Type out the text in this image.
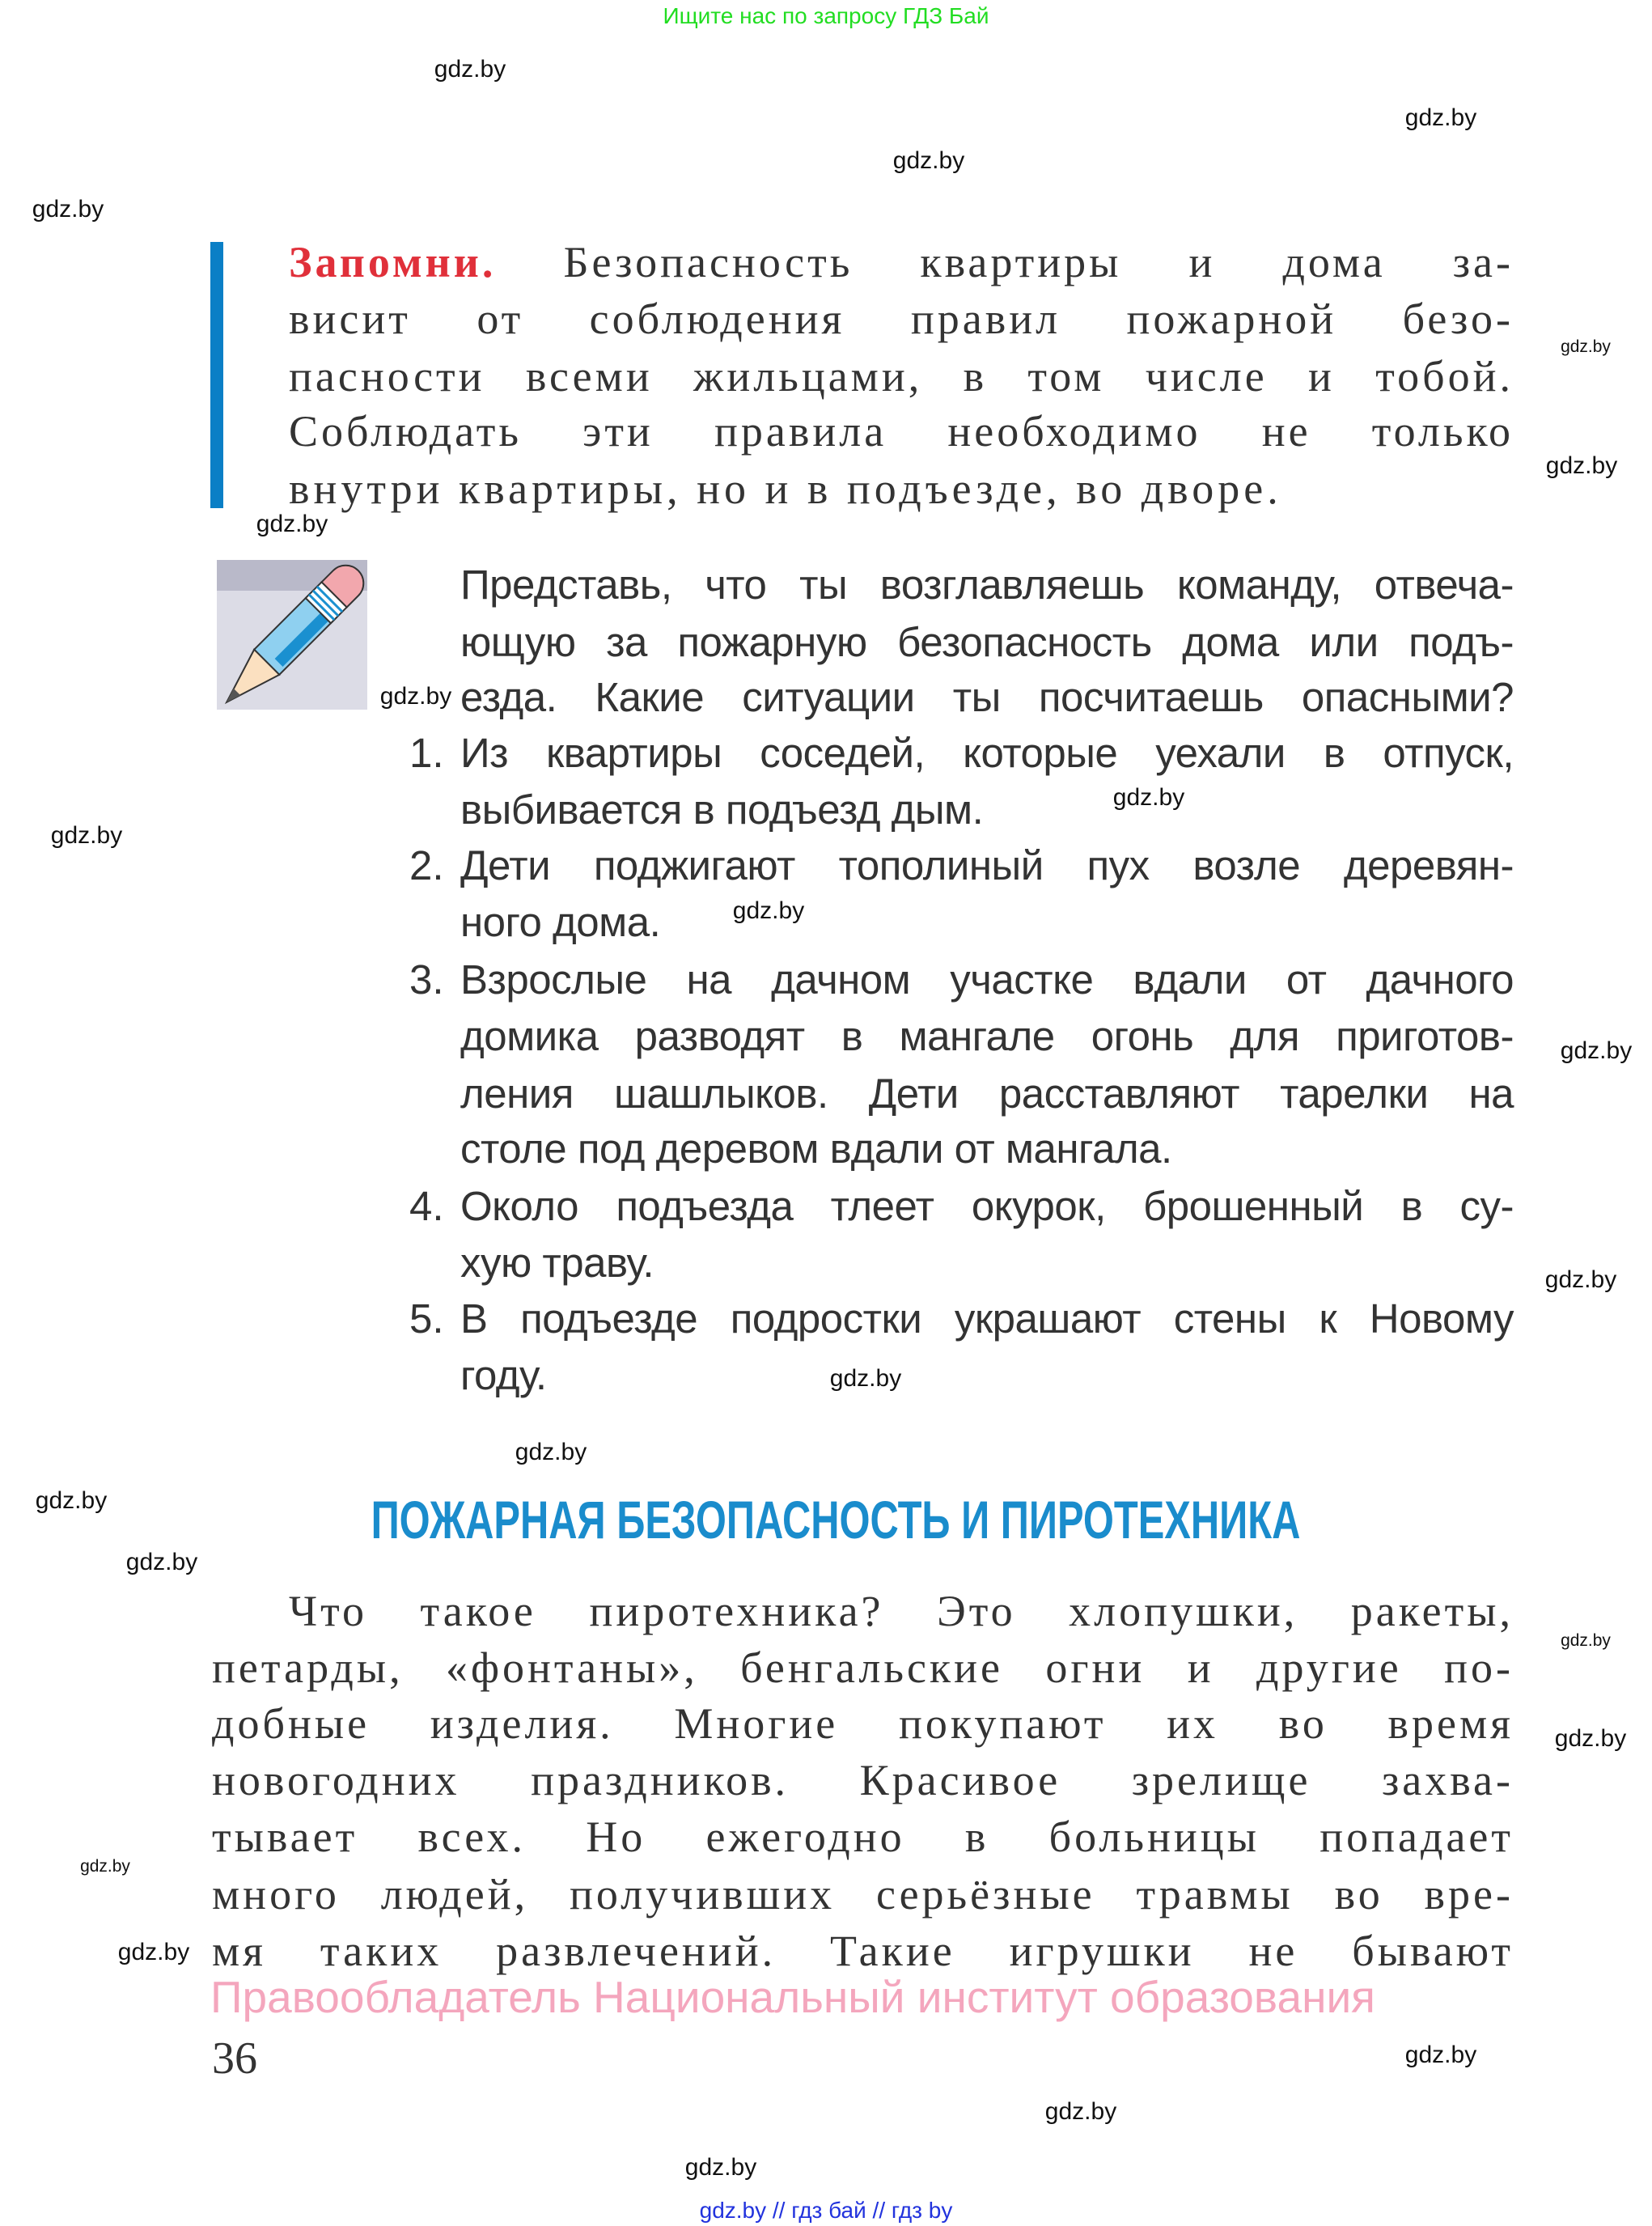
Ищите нас по запросу ГДЗ Бай
gdz.by
gdz.by
gdz.by
gdz.by
gdz.by
gdz.by
gdz.by
gdz.by
gdz.by
gdz.by
gdz.by
gdz.by
gdz.by
gdz.by
gdz.by
gdz.by
gdz.by
gdz.by
gdz.by
gdz.by
gdz.by
gdz.by
gdz.by
gdz.by
Запомни. Безопасность квартиры и дома за-
висит от соблюдения правил пожарной безо-
пасности всеми жильцами, в том числе и тобой.
Соблюдать эти правила необходимо не только
внутри квартиры, но и в подъезде, во дворе.
Представь, что ты возглавляешь команду, отвеча-
ющую за пожарную безопасность дома или подъ-
езда. Какие ситуации ты посчитаешь опасными?
1. Из квартиры соседей, которые уехали в отпуск,
выбивается в подъезд дым.
2. Дети поджигают тополиный пух возле деревян-
ного дома.
3. Взрослые на дачном участке вдали от дачного
домика разводят в мангале огонь для приготов-
ления шашлыков. Дети расставляют тарелки на
столе под деревом вдали от мангала.
4. Около подъезда тлеет окурок, брошенный в су-
хую траву.
5. В подъезде подростки украшают стены к Новому
году.
ПОЖАРНАЯ БЕЗОПАСНОСТЬ И ПИРОТЕХНИКА
Что такое пиротехника? Это хлопушки, ракеты,
петарды, «фонтаны», бенгальские огни и другие по-
добные изделия. Многие покупают их во время
новогодних праздников. Красивое зрелище захва-
тывает всех. Но ежегодно в больницы попадает
много людей, получивших серьёзные травмы во вре-
мя таких развлечений. Такие игрушки не бывают
Правообладатель Национальный институт образования
36
gdz.by // гдз бай // гдз by
